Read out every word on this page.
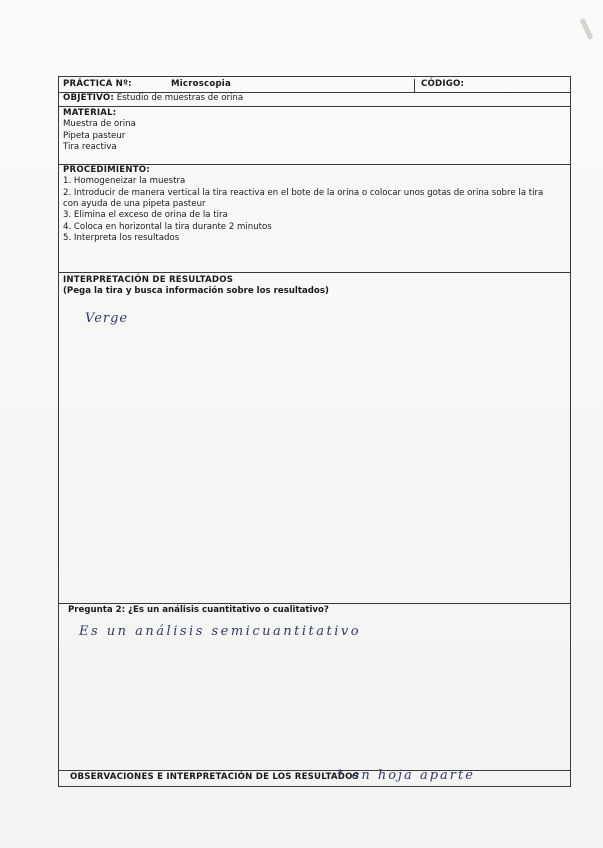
PRÁCTICA Nº:	Microscopia	CÓDIGO:
OBJETIVO: Estudio de muestras de orina
MATERIAL:
Muestra de orina
Pipeta pasteur
Tira reactiva
PROCEDIMIENTO:
1. Homogeneizar la muestra
2. Introducir de manera vertical la tira reactiva en el bote de la orina o colocar unos gotas de orina sobre la tira
con ayuda de una pipeta pasteur
3. Elimina el exceso de orina de la tira
4. Coloca en horizontal la tira durante 2 minutos
5. Interpreta los resultados
INTERPRETACIÓN DE RESULTADOS
(Pega la tira y busca información sobre los resultados)
Verge
Pregunta 2: ¿Es un análisis cuantitativo o cualitativo?
Es un análisis semicuantitativo
OBSERVACIONES E INTERPRETACIÓN DE LOS RESULTADOS
* en hoja aparte
